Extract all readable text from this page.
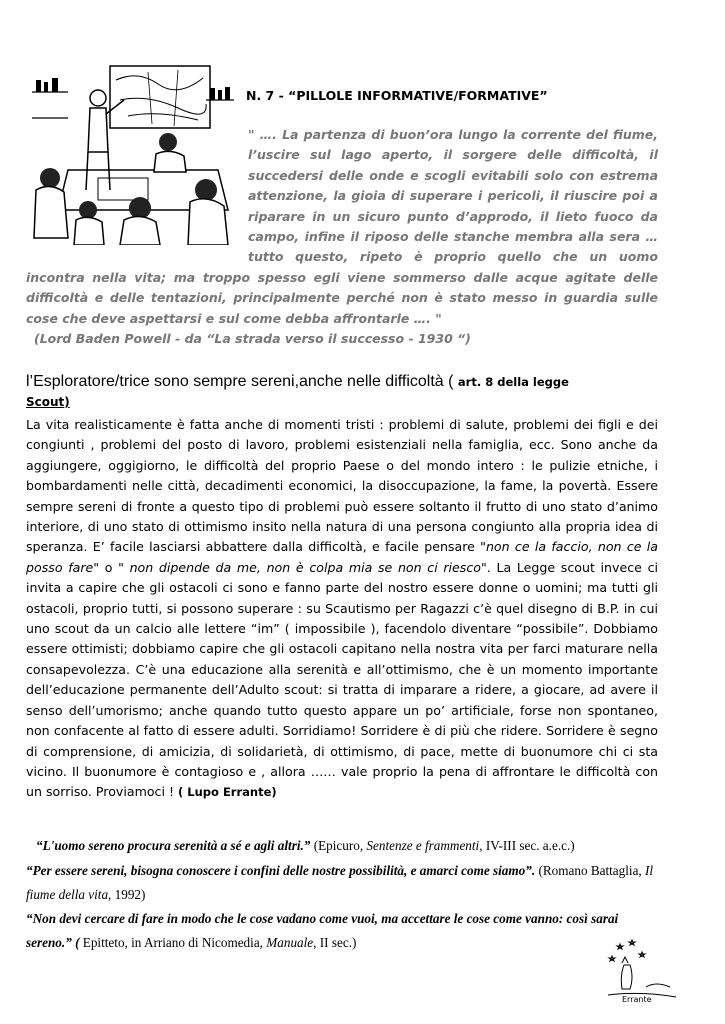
N. 7 - “PILLOLE INFORMATIVE/FORMATIVE”

" …. La partenza di buon’ora lungo la corrente del fiume, l’uscire sul lago aperto, il sorgere delle difficoltà, il succedersi delle onde e scogli evitabili solo con estrema attenzione, la gioia di superare i pericoli, il riuscire poi a riparare in un sicuro punto d’approdo, il lieto fuoco da campo, infine il riposo delle stanche membra alla sera … tutto questo, ripeto è proprio quello che un uomo incontra nella vita; ma troppo spesso egli viene sommerso dalle acque agitate delle difficoltà e delle tentazioni, principalmente perché non è stato messo in guardia sulle cose che deve aspettarsi e sul come debba affrontarle …. "

(Lord Baden Powell - da “La strada verso il successo - 1930 “)

l’Esploratore/trice sono sempre sereni,anche nelle difficoltà ( art. 8 della legge
Scout)

La vita realisticamente è fatta anche di momenti tristi : problemi di salute, problemi dei figli e dei congiunti , problemi del posto di lavoro, problemi esistenziali nella famiglia, ecc. Sono anche da aggiungere, oggigiorno, le difficoltà del proprio Paese o del mondo intero : le pulizie etniche, i bombardamenti nelle città, decadimenti economici, la disoccupazione, la fame, la povertà. Essere sempre sereni di fronte a questo tipo di problemi può essere soltanto il frutto di uno stato d’animo interiore, di uno stato di ottimismo insito nella natura di una persona congiunto alla propria idea di speranza. E’ facile lasciarsi abbattere dalla difficoltà, e facile pensare "non ce la faccio, non ce la posso fare" o " non dipende da me, non è colpa mia se non ci riesco". La Legge scout invece ci invita a capire che gli ostacoli ci sono e fanno parte del nostro essere donne o uomini; ma tutti gli ostacoli, proprio tutti, si possono superare : su Scautismo per Ragazzi c’è quel disegno di B.P. in cui uno scout da un calcio alle lettere “im” ( impossibile ), facendolo diventare “possibile”. Dobbiamo essere ottimisti; dobbiamo capire che gli ostacoli capitano nella nostra vita per farci maturare nella consapevolezza. C’è una educazione alla serenità e all’ottimismo, che è un momento importante dell’educazione permanente dell’Adulto scout: si tratta di imparare a ridere, a giocare, ad avere il senso dell’umorismo; anche quando tutto questo appare un po’ artificiale, forse non spontaneo, non confacente al fatto di essere adulti. Sorridiamo! Sorridere è di più che ridere. Sorridere è segno di comprensione, di amicizia, di solidarietà, di ottimismo, di pace, mette di buonumore chi ci sta vicino. Il buonumore è contagioso e , allora …… vale proprio la pena di affrontare le difficoltà con un sorriso. Proviamoci ! ( Lupo Errante)

“L'uomo sereno procura serenità a sé e agli altri.” (Epicuro, Sentenze e frammenti, IV-III sec. a.e.c.)
“Per essere sereni, bisogna conoscere i confini delle nostre possibilità, e amarci come siamo”. (Romano Battaglia, Il fiume della vita, 1992)
“Non devi cercare di fare in modo che le cose vadano come vuoi, ma accettare le cose come vanno: così sarai sereno.” ( Epitteto, in Arriano di Nicomedia, Manuale, II sec.)
Errante
